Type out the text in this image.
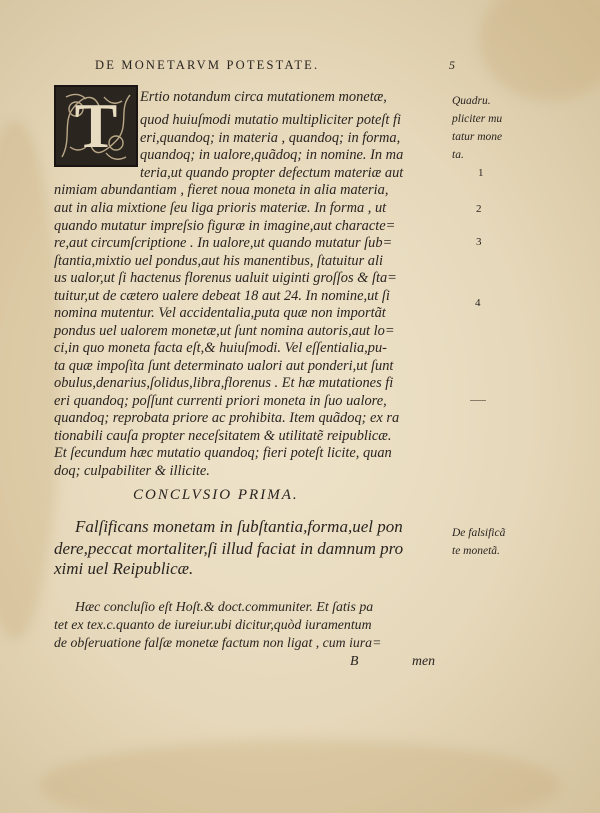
DE MONETARVM POTESTATE.	5
T Ertio notandum circa mutationem monetæ,
quod huiuſmodi mutatio multipliciter poteſt fi
eri,quandoq; in materia , quandoq; in forma,
quandoq; in ualore,quãdoq; in nomine. In ma
teria,ut quando propter defectum materiæ aut
nimiam abundantiam , fieret noua moneta in alia materia,
aut in alia mixtione ſeu liga prioris materiæ. In forma , ut
quando mutatur impreſsio figuræ in imagine,aut characte=
re,aut circumſcriptione . In ualore,ut quando mutatur ſub=
ſtantia,mixtio uel pondus,aut his manentibus, ſtatuitur ali
us ualor,ut ſi hactenus florenus ualuit uiginti groſſos & ſta=
tuitur,ut de cætero ualere debeat 18 aut 24. In nomine,ut ſi
nomina mutentur. Vel accidentalia,puta quæ non importãt
pondus uel ualorem monetæ,ut ſunt nomina autoris,aut lo=
ci,in quo moneta facta eſt,& huiuſmodi. Vel eſſentialia,pu-
ta quæ impoſita ſunt determinato ualori aut ponderi,ut ſunt
obulus,denarius,ſolidus,libra,florenus . Et hæ mutationes fi
eri quandoq; poſſunt currenti priori moneta in ſuo ualore,
quandoq; reprobata priore ac prohibita. Item quãdoq; ex ra
tionabili cauſa propter neceſsitatem & utilitatẽ reipublicæ.
Et ſecundum hæc mutatio quandoq; fieri poteſt licite, quan
doq; culpabiliter & illicite.
CONCLVSIO PRIMA.
Falſificans monetam in ſubſtantia,forma,uel pon
dere,peccat mortaliter,ſi illud faciat in damnum pro
ximi uel Reipublicæ.
Hæc concluſio eſt Hoſt.& doct.communiter. Et ſatis pa
tet ex tex.c.quanto de iureiur.ubi dicitur,quòd iuramentum
de obſeruatione falſæ monetæ factum non ligat , cum iura=
B	men
Quadru.
pliciter mu
tatur mone
ta.
1
2
3
4
De falsificã
te monetã.
